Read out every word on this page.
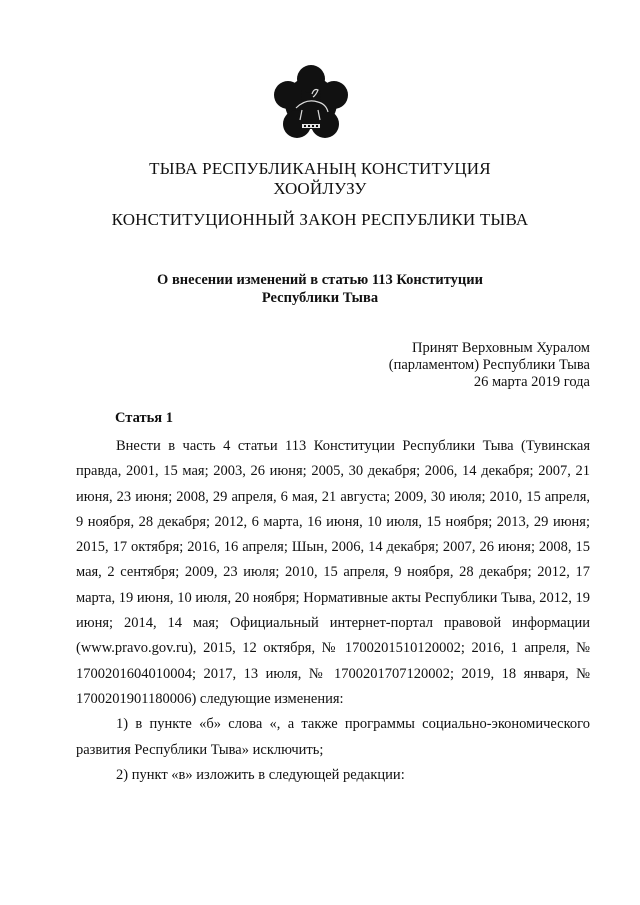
ТЫВА РЕСПУБЛИКАНЫҢ КОНСТИТУЦИЯ
ХООЙЛУЗУ
КОНСТИТУЦИОННЫЙ ЗАКОН РЕСПУБЛИКИ ТЫВА
О внесении изменений в статью 113 Конституции
Республики Тыва
Принят Верховным Хуралом
(парламентом) Республики Тыва
26 марта 2019 года
Статья 1

Внести в часть 4 статьи 113 Конституции Республики Тыва (Тувинская правда, 2001, 15 мая; 2003, 26 июня; 2005, 30 декабря; 2006, 14 декабря; 2007, 21 июня, 23 июня; 2008, 29 апреля, 6 мая, 21 августа; 2009, 30 июля; 2010, 15 апреля, 9 ноября, 28 декабря; 2012, 6 марта, 16 июня, 10 июля, 15 ноября; 2013, 29 июня; 2015, 17 октября; 2016, 16 апреля; Шын, 2006, 14 декабря; 2007, 26 июня; 2008, 15 мая, 2 сентября; 2009, 23 июля; 2010, 15 апреля, 9 ноября, 28 декабря; 2012, 17 марта, 19 июня, 10 июля, 20 ноября; Нормативные акты Республики Тыва, 2012, 19 июня; 2014, 14 мая; Официальный интернет-портал правовой информации (www.pravo.gov.ru), 2015, 12 октября, № 1700201510120002; 2016, 1 апреля, № 1700201604010004; 2017, 13 июля, № 1700201707120002; 2019, 18 января, № 1700201901180006) следующие изменения:

1) в пункте «б» слова «, а также программы социально-экономического развития Республики Тыва» исключить;

2) пункт «в» изложить в следующей редакции:
